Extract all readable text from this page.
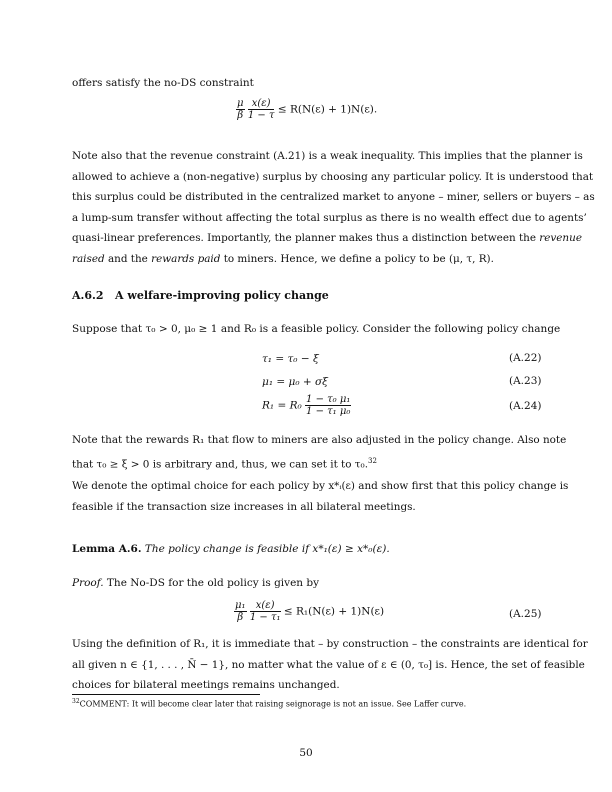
offers satisfy the no-DS constraint
$\frac{\mu}{\beta}$
$\frac{x(\varepsilon)}{1 - \tau} \le R(N(\varepsilon) + 1)N(\varepsilon)$.
Note also that the revenue constraint (A.21) is a weak inequality. This implies that the planner is
allowed to achieve a (non-negative) surplus by choosing any particular policy. It is understood that
this surplus could be distributed in the centralized market to anyone – miner, sellers or buyers – as
a lump-sum transfer without affecting the total surplus as there is no wealth effect due to agents’
quasi-linear preferences. Importantly, the planner makes thus a distinction between the revenue
raised and the rewards paid to miners. Hence, we define a policy to be (μ, τ, R).
A.6.2 A welfare-improving policy change
Suppose that τ₀ > 0, μ₀ ≥ 1 and R₀ is a feasible policy. Consider the following policy change
τ₁ = τ₀ − ξ	(A.22)
μ₁ = μ₀ + σξ	(A.23)
$R_1 = R_0 \frac{\text{1 − τ₀ μ₁}}{\text{1 − τ₁ μ₀}}$	(A.24)
Note that the rewards R₁ that flow to miners are also adjusted in the policy change. Also note
that τ₀ ≥ ξ > 0 is arbitrary and, thus, we can set it to τ₀.$^{32}$
We denote the optimal choice for each policy by x*ᵢ(ε) and show first that this policy change is
feasible if the transaction size increases in all bilateral meetings.
Lemma A.6. The policy change is feasible if x*₁(ε) ≥ x*₀(ε).
Proof. The No-DS for the old policy is given by
$\frac{\text{μ₁}}{\beta}$
$\frac{x(\varepsilon)}{\text{1 − τ₁}} \le R_1(N(\varepsilon) + 1)N(\varepsilon)$	(A.25)
Using the definition of R₁, it is immediate that – by construction – the constraints are identical for
all given n ∈ {1, . . . , N̄ − 1}, no matter what the value of ε ∈ (0, τ₀] is. Hence, the set of feasible
choices for bilateral meetings remains unchanged.
$^{32}$COMMENT: It will become clear later that raising seignorage is not an issue. See Laffer curve.
50
